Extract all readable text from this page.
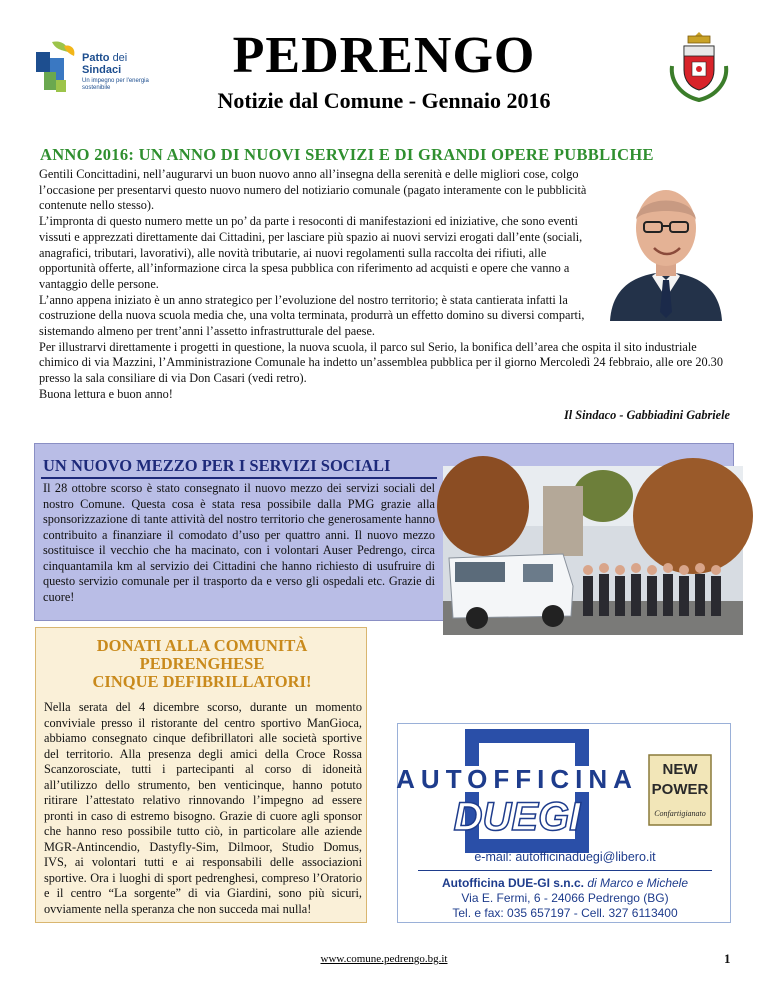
Patto dei
Sindaci
Un impegno per l'energia sostenibile
PEDRENGO
Notizie dal Comune - Gennaio 2016
ANNO 2016: UN ANNO DI NUOVI SERVIZI E DI GRANDI OPERE PUBBLICHE

Gentili Concittadini, nell’augurarvi un buon nuovo anno all’insegna della serenità e delle migliori cose, colgo l’occasione per presentarvi questo nuovo numero del notiziario comunale (pagato interamente con le pubblicità contenute nello stesso).

L’impronta di questo numero mette un po’ da parte i resoconti di manifestazioni ed iniziative, che sono eventi vissuti e apprezzati direttamente dai Cittadini, per lasciare più spazio ai nuovi servizi erogati dall’ente (sociali, anagrafici, tributari, lavorativi), alle novità tributarie, ai nuovi regolamenti sulla raccolta dei rifiuti, alle opportunità offerte, all’informazione circa la spesa pubblica con riferimento ad acquisti e opere che vanno a vantaggio delle persone.

L’anno appena iniziato è un anno strategico per l’evoluzione del nostro territorio; è stata cantierata infatti la costruzione della nuova scuola media che, una volta terminata, produrrà un effetto domino su diversi comparti, sistemando almeno per trent’anni l’assetto infrastrutturale del paese.

Per illustrarvi direttamente i progetti in questione, la nuova scuola, il parco sul Serio, la bonifica dell’area che ospita il sito industriale chimico di via Mazzini, l’Amministrazione Comunale ha indetto un’assemblea pubblica per il giorno Mercoledì 24 febbraio, alle ore 20.30 presso la sala consiliare di via Don Casari (vedi retro).

Buona lettura e buon anno!

Il Sindaco - Gabbiadini Gabriele
UN NUOVO MEZZO PER I SERVIZI SOCIALI
Il 28 ottobre scorso è stato consegnato il nuovo mezzo dei servizi sociali del nostro Comune. Questa cosa è stata resa possibile dalla PMG grazie alla sponsorizzazione di tante attività del nostro territorio che generosamente hanno contribuito a finanziare il comodato d’uso per quattro anni. Il nuovo mezzo sostituisce il vecchio che ha macinato, con i volontari Auser Pedrengo, circa cinquantamila km al servizio dei Cittadini che hanno richiesto di usufruire di questo servizio comunale per il trasporto da e verso gli ospedali etc. Grazie di cuore!
DONATI ALLA COMUNITÀ
PEDRENGHESE
CINQUE DEFIBRILLATORI!
Nella serata del 4 dicembre scorso, durante un momento conviviale presso il ristorante del centro sportivo ManGioca, abbiamo consegnato cinque defibrillatori alle società sportive del territorio. Alla presenza degli amici della Croce Rossa Scanzorosciate, tutti i partecipanti al corso di idoneità all’utilizzo dello strumento, ben venticinque, hanno potuto ritirare l’attestato relativo rinnovando l’impegno ad essere pronti in caso di estremo bisogno. Grazie di cuore agli sponsor che hanno reso possibile tutto ciò, in particolare alle aziende MGR-Antincendio, Dastyfly-Sim, Dilmoor, Studio Domus, IVS, ai volontari tutti e ai responsabili delle associazioni sportive. Ora i luoghi di sport pedrenghesi, compreso l’Oratorio e il centro “La sorgente” di via Giardini, sono più sicuri, ovviamente nella speranza che non succeda mai nulla!
AUTOFFICINA
DUEGI
NEW
POWER
Confartigianato
e-mail: autofficinaduegi@libero.it
Autofficina DUE-GI s.n.c. di Marco e Michele
Via E. Fermi, 6 - 24066 Pedrengo (BG)
Tel. e fax: 035 657197 - Cell. 327 6113400
www.comune.pedrengo.bg.it	1
